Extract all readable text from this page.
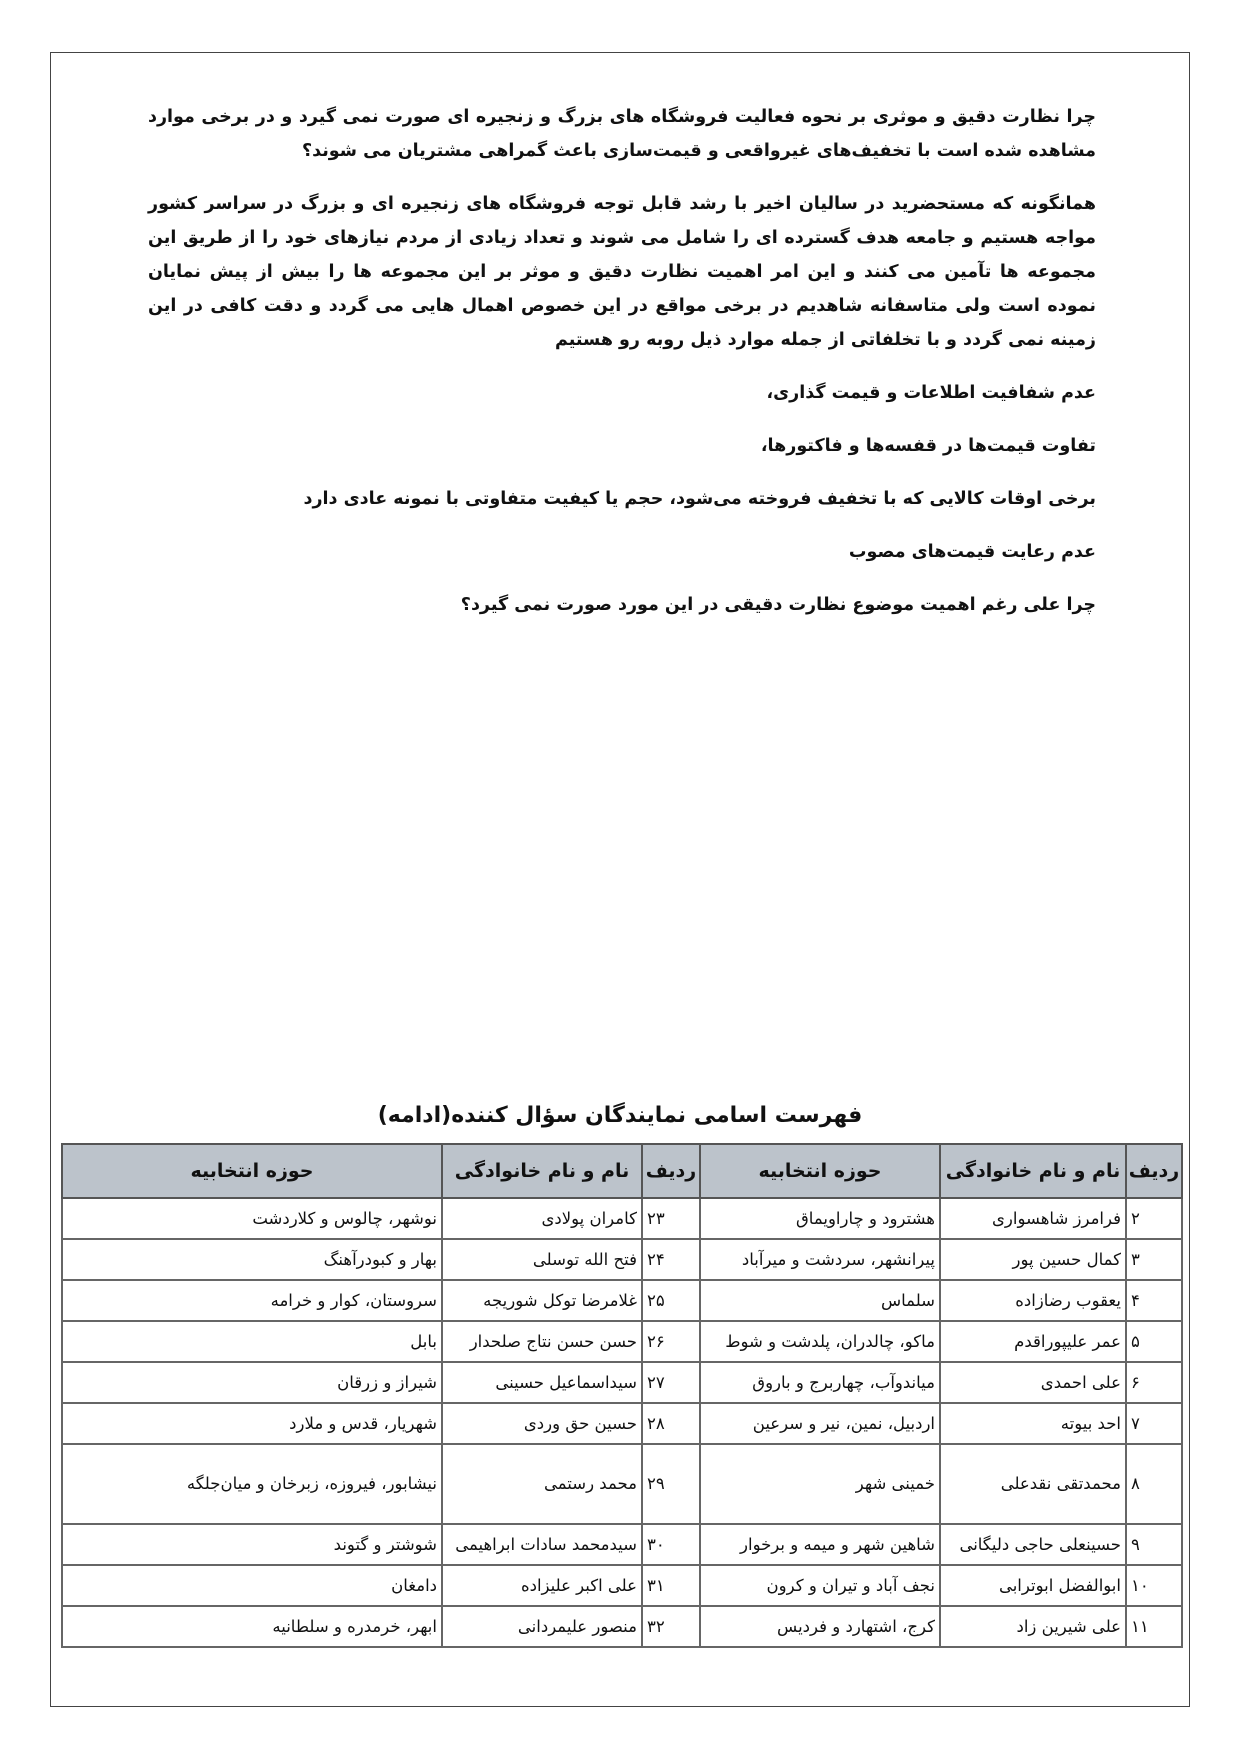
چرا نظارت دقیق و موثری بر نحوه فعالیت فروشگاه های بزرگ و زنجیره ای صورت نمی گیرد و در برخی موارد مشاهده شده است با تخفیف‌های غیرواقعی و قیمت‌سازی باعث گمراهی مشتریان می شوند؟

همانگونه که مستحضرید در سالیان اخیر با رشد قابل توجه فروشگاه های زنجیره ای و بزرگ در سراسر کشور مواجه هستیم و جامعه هدف گسترده ای را شامل می شوند و تعداد زیادی از مردم نیازهای خود را از طریق این مجموعه ها تآمین می کنند و این امر اهمیت نظارت دقیق و موثر بر این مجموعه ها را بیش از پیش نمایان نموده است ولی متاسفانه شاهدیم در برخی مواقع در این خصوص اهمال هایی می گردد و دقت کافی در این زمینه نمی گردد و با تخلفاتی از جمله موارد ذیل روبه رو هستیم

عدم شفافیت اطلاعات و قیمت گذاری،

تفاوت قیمت‌ها در قفسه‌ها و فاکتورها،

برخی اوقات کالایی که با تخفیف فروخته می‌شود، حجم یا کیفیت متفاوتی با نمونه عادی دارد

عدم رعایت قیمت‌های مصوب

چرا علی رغم اهمیت موضوع نظارت دقیقی در این مورد صورت نمی گیرد؟

فهرست اسامی نمایندگان سؤال کننده(ادامه)
ردیف	نام و نام خانوادگی	حوزه انتخابیه	ردیف	نام و نام خانوادگی	حوزه انتخابیه
۲	فرامرز شاهسواری	هشترود و چاراویماق	۲۳	کامران پولادی	نوشهر، چالوس و کلاردشت
۳	کمال حسین پور	پیرانشهر، سردشت و میرآباد	۲۴	فتح الله توسلی	بهار و کبودرآهنگ
۴	یعقوب رضازاده	سلماس	۲۵	غلامرضا توکل شوریجه	سروستان، کوار و خرامه
۵	عمر علیپوراقدم	ماکو، چالدران، پلدشت و شوط	۲۶	حسن حسن نتاج صلحدار	بابل
۶	علی احمدی	میاندوآب، چهاربرج و باروق	۲۷	سیداسماعیل حسینی	شیراز و زرقان
۷	احد بیوته	اردبیل، نمین، نیر و سرعین	۲۸	حسین حق وردی	شهریار، قدس و ملارد
۸	محمدتقی نقدعلی	خمینی شهر	۲۹	محمد رستمی	نیشابور، فیروزه، زبرخان و میان‌جلگه
۹	حسینعلی حاجی دلیگانی	شاهین شهر و میمه و برخوار	۳۰	سیدمحمد سادات ابراهیمی	شوشتر و گتوند
۱۰	ابوالفضل ابوترابی	نجف آباد و تیران و کرون	۳۱	علی اکبر علیزاده	دامغان
۱۱	علی شیرین زاد	کرج، اشتهارد و فردیس	۳۲	منصور علیمردانی	ابهر، خرمدره و سلطانیه
